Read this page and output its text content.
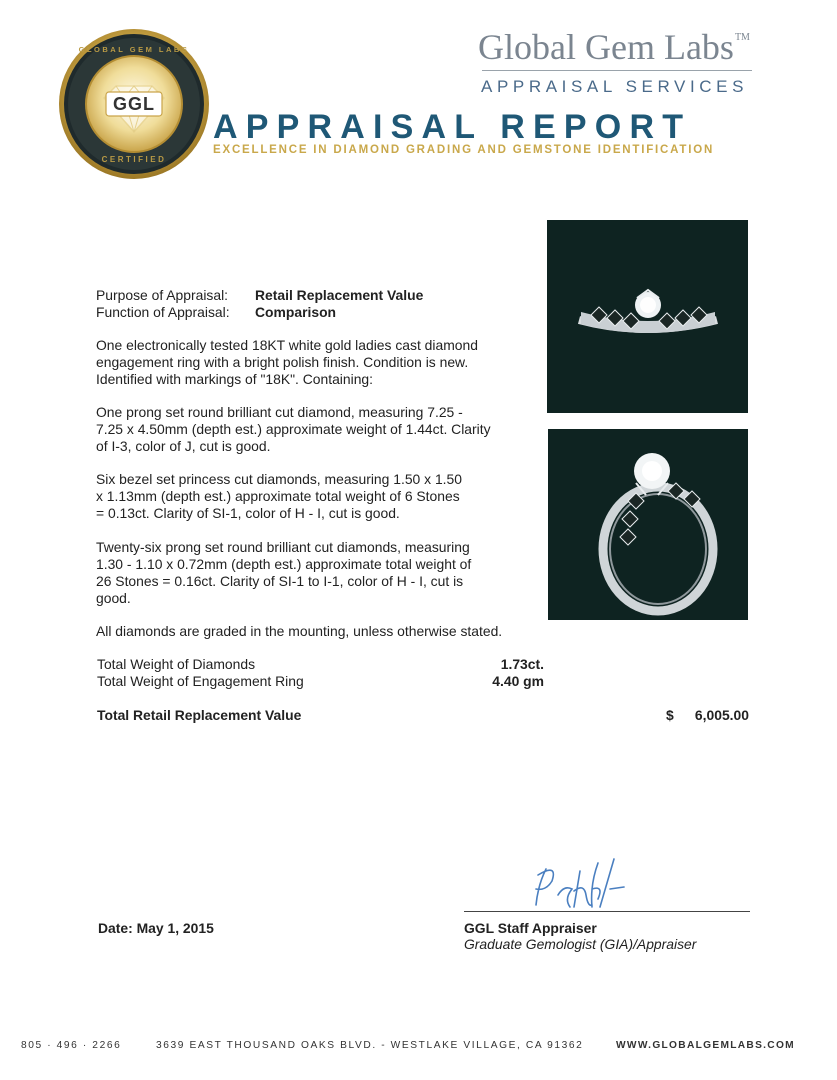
GGL
GLOBAL GEM LABS
CERTIFIED
Global Gem Labs™
APPRAISAL SERVICES
APPRAISAL REPORT
EXCELLENCE IN DIAMOND GRADING AND GEMSTONE IDENTIFICATION
Purpose of Appraisal: Retail Replacement Value
Function of Appraisal: Comparison
One electronically tested 18KT white gold ladies cast diamond
engagement ring with a bright polish finish. Condition is new.
Identified with markings of "18K". Containing:
One prong set round brilliant cut diamond, measuring 7.25 -
7.25 x 4.50mm (depth est.) approximate weight of 1.44ct. Clarity
of I-3, color of J, cut is good.
Six bezel set princess cut diamonds, measuring 1.50 x 1.50
x 1.13mm (depth est.) approximate total weight of 6 Stones
= 0.13ct. Clarity of SI-1, color of H - I, cut is good.
Twenty-six prong set round brilliant cut diamonds, measuring
1.30 - 1.10 x 0.72mm (depth est.) approximate total weight of
26 Stones = 0.16ct. Clarity of SI-1 to I-1, color of H - I, cut is
good.
All diamonds are graded in the mounting, unless otherwise stated.
Total Weight of Diamonds	1.73ct.
Total Weight of Engagement Ring	4.40 gm
Total Retail Replacement Value	$	6,005.00
Date: May 1, 2015	GGL Staff Appraiser
Graduate Gemologist (GIA)/Appraiser
805 · 496 · 2266	3639 EAST THOUSAND OAKS BLVD. - WESTLAKE VILLAGE, CA 91362	WWW.GLOBALGEMLABS.COM
